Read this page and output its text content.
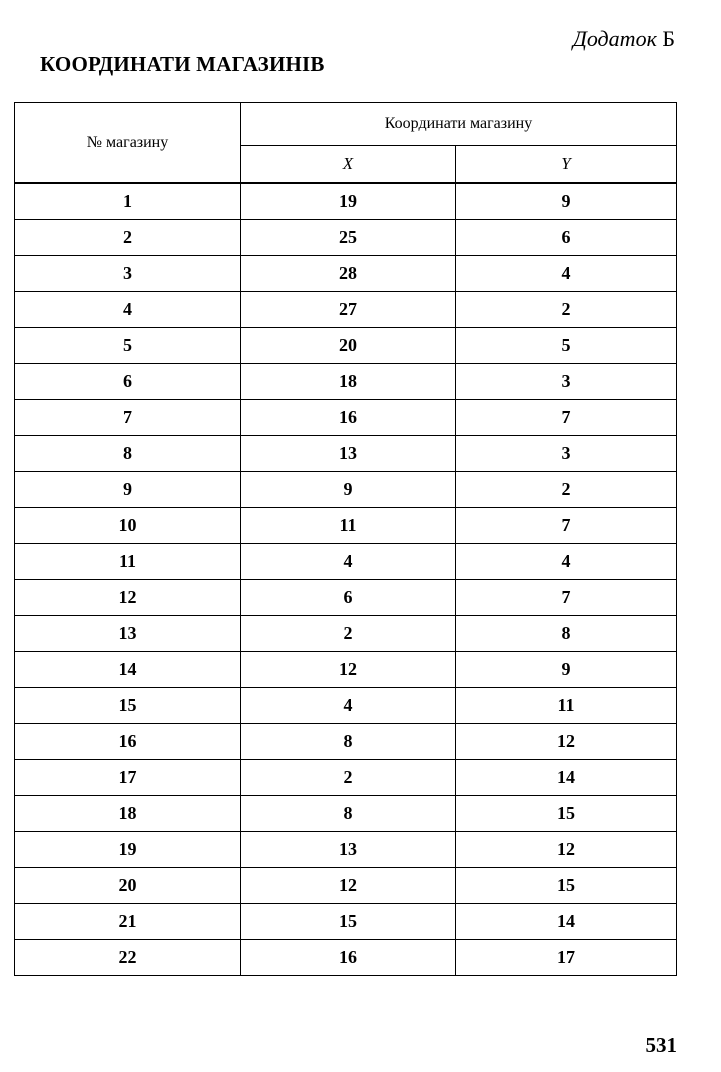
Додаток Б
КООРДИНАТИ МАГАЗИНІВ
№ магазину	Координати магазину	
	X	Y
1	19	9
2	25	6
3	28	4
4	27	2
5	20	5
6	18	3
7	16	7
8	13	3
9	9	2
10	11	7
11	4	4
12	6	7
13	2	8
14	12	9
15	4	11
16	8	12
17	2	14
18	8	15
19	13	12
20	12	15
21	15	14
22	16	17
531
